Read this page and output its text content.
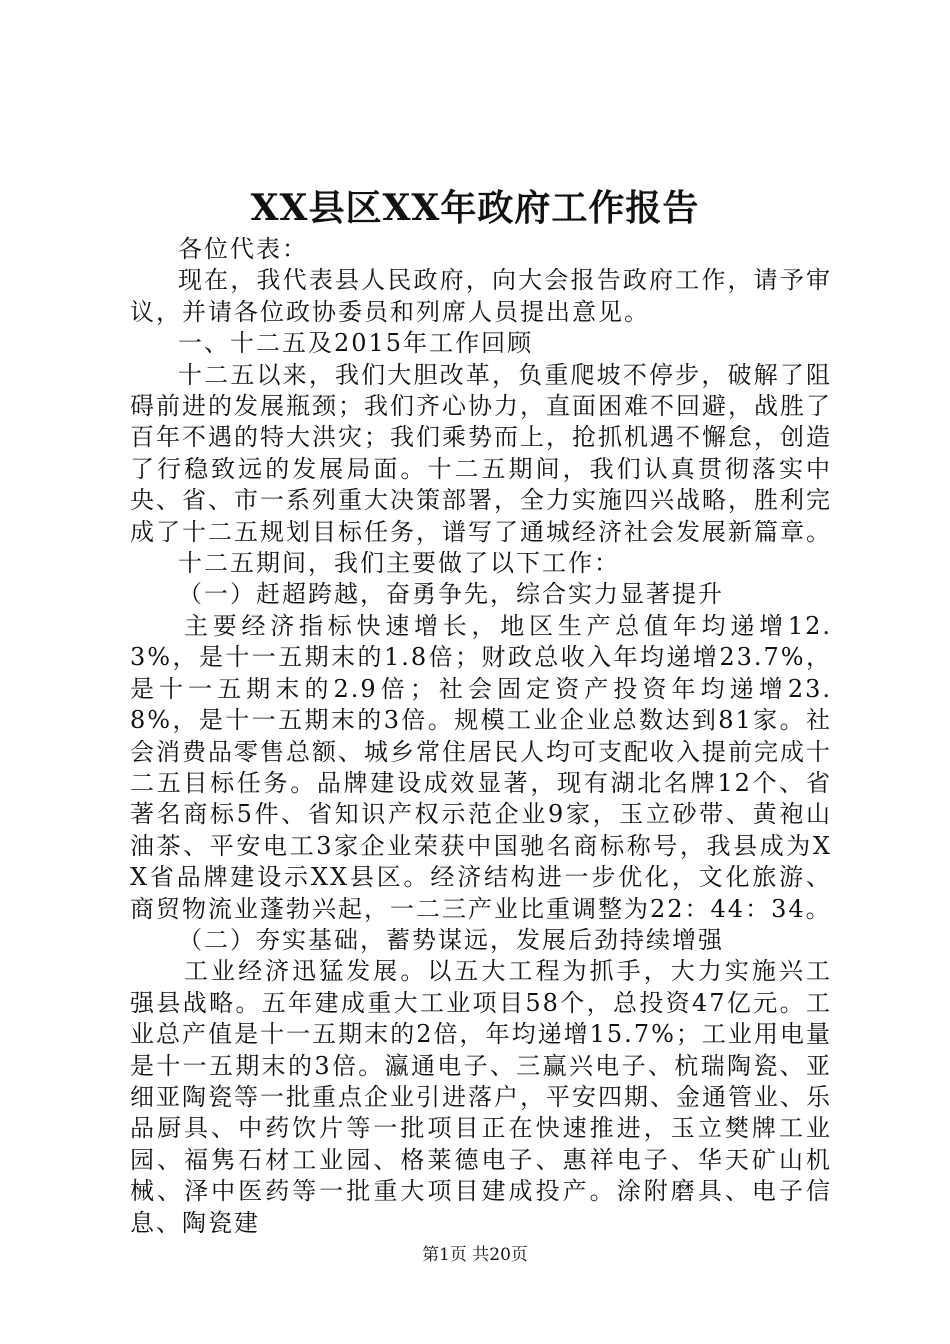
XX县区XX年政府工作报告

各位代表：

现在，我代表县人民政府，向大会报告政府工作，请予审议，并请各位政协委员和列席人员提出意见。

一、十二五及2015年工作回顾

十二五以来，我们大胆改革，负重爬坡不停步，破解了阻碍前进的发展瓶颈；我们齐心协力，直面困难不回避，战胜了百年不遇的特大洪灾；我们乘势而上，抢抓机遇不懈怠，创造了行稳致远的发展局面。十二五期间，我们认真贯彻落实中央、省、市一系列重大决策部署，全力实施四兴战略，胜利完成了十二五规划目标任务，谱写了通城经济社会发展新篇章。

十二五期间，我们主要做了以下工作：

（一）赶超跨越，奋勇争先，综合实力显著提升

主要经济指标快速增长，地区生产总值年均递增12.3%，是十一五期末的1.8倍；财政总收入年均递增23.7%，是十一五期末的2.9倍；社会固定资产投资年均递增23.8%，是十一五期末的3倍。规模工业企业总数达到81家。社会消费品零售总额、城乡常住居民人均可支配收入提前完成十二五目标任务。品牌建设成效显著，现有湖北名牌12个、省著名商标5件、省知识产权示范企业9家，玉立砂带、黄袍山油茶、平安电工3家企业荣获中国驰名商标称号，我县成为XX省品牌建设示XX县区。经济结构进一步优化，文化旅游、商贸物流业蓬勃兴起，一二三产业比重调整为22：44：34。

（二）夯实基础，蓄势谋远，发展后劲持续增强

工业经济迅猛发展。以五大工程为抓手，大力实施兴工强县战略。五年建成重大工业项目58个，总投资47亿元。工业总产值是十一五期末的2倍，年均递增15.7%；工业用电量是十一五期末的3倍。瀛通电子、三赢兴电子、杭瑞陶瓷、亚细亚陶瓷等一批重点企业引进落户，平安四期、金通管业、乐品厨具、中药饮片等一批项目正在快速推进，玉立樊牌工业园、福隽石材工业园、格莱德电子、惠祥电子、华天矿山机械、泽中医药等一批重大项目建成投产。涂附磨具、电子信息、陶瓷建

第1页 共20页
